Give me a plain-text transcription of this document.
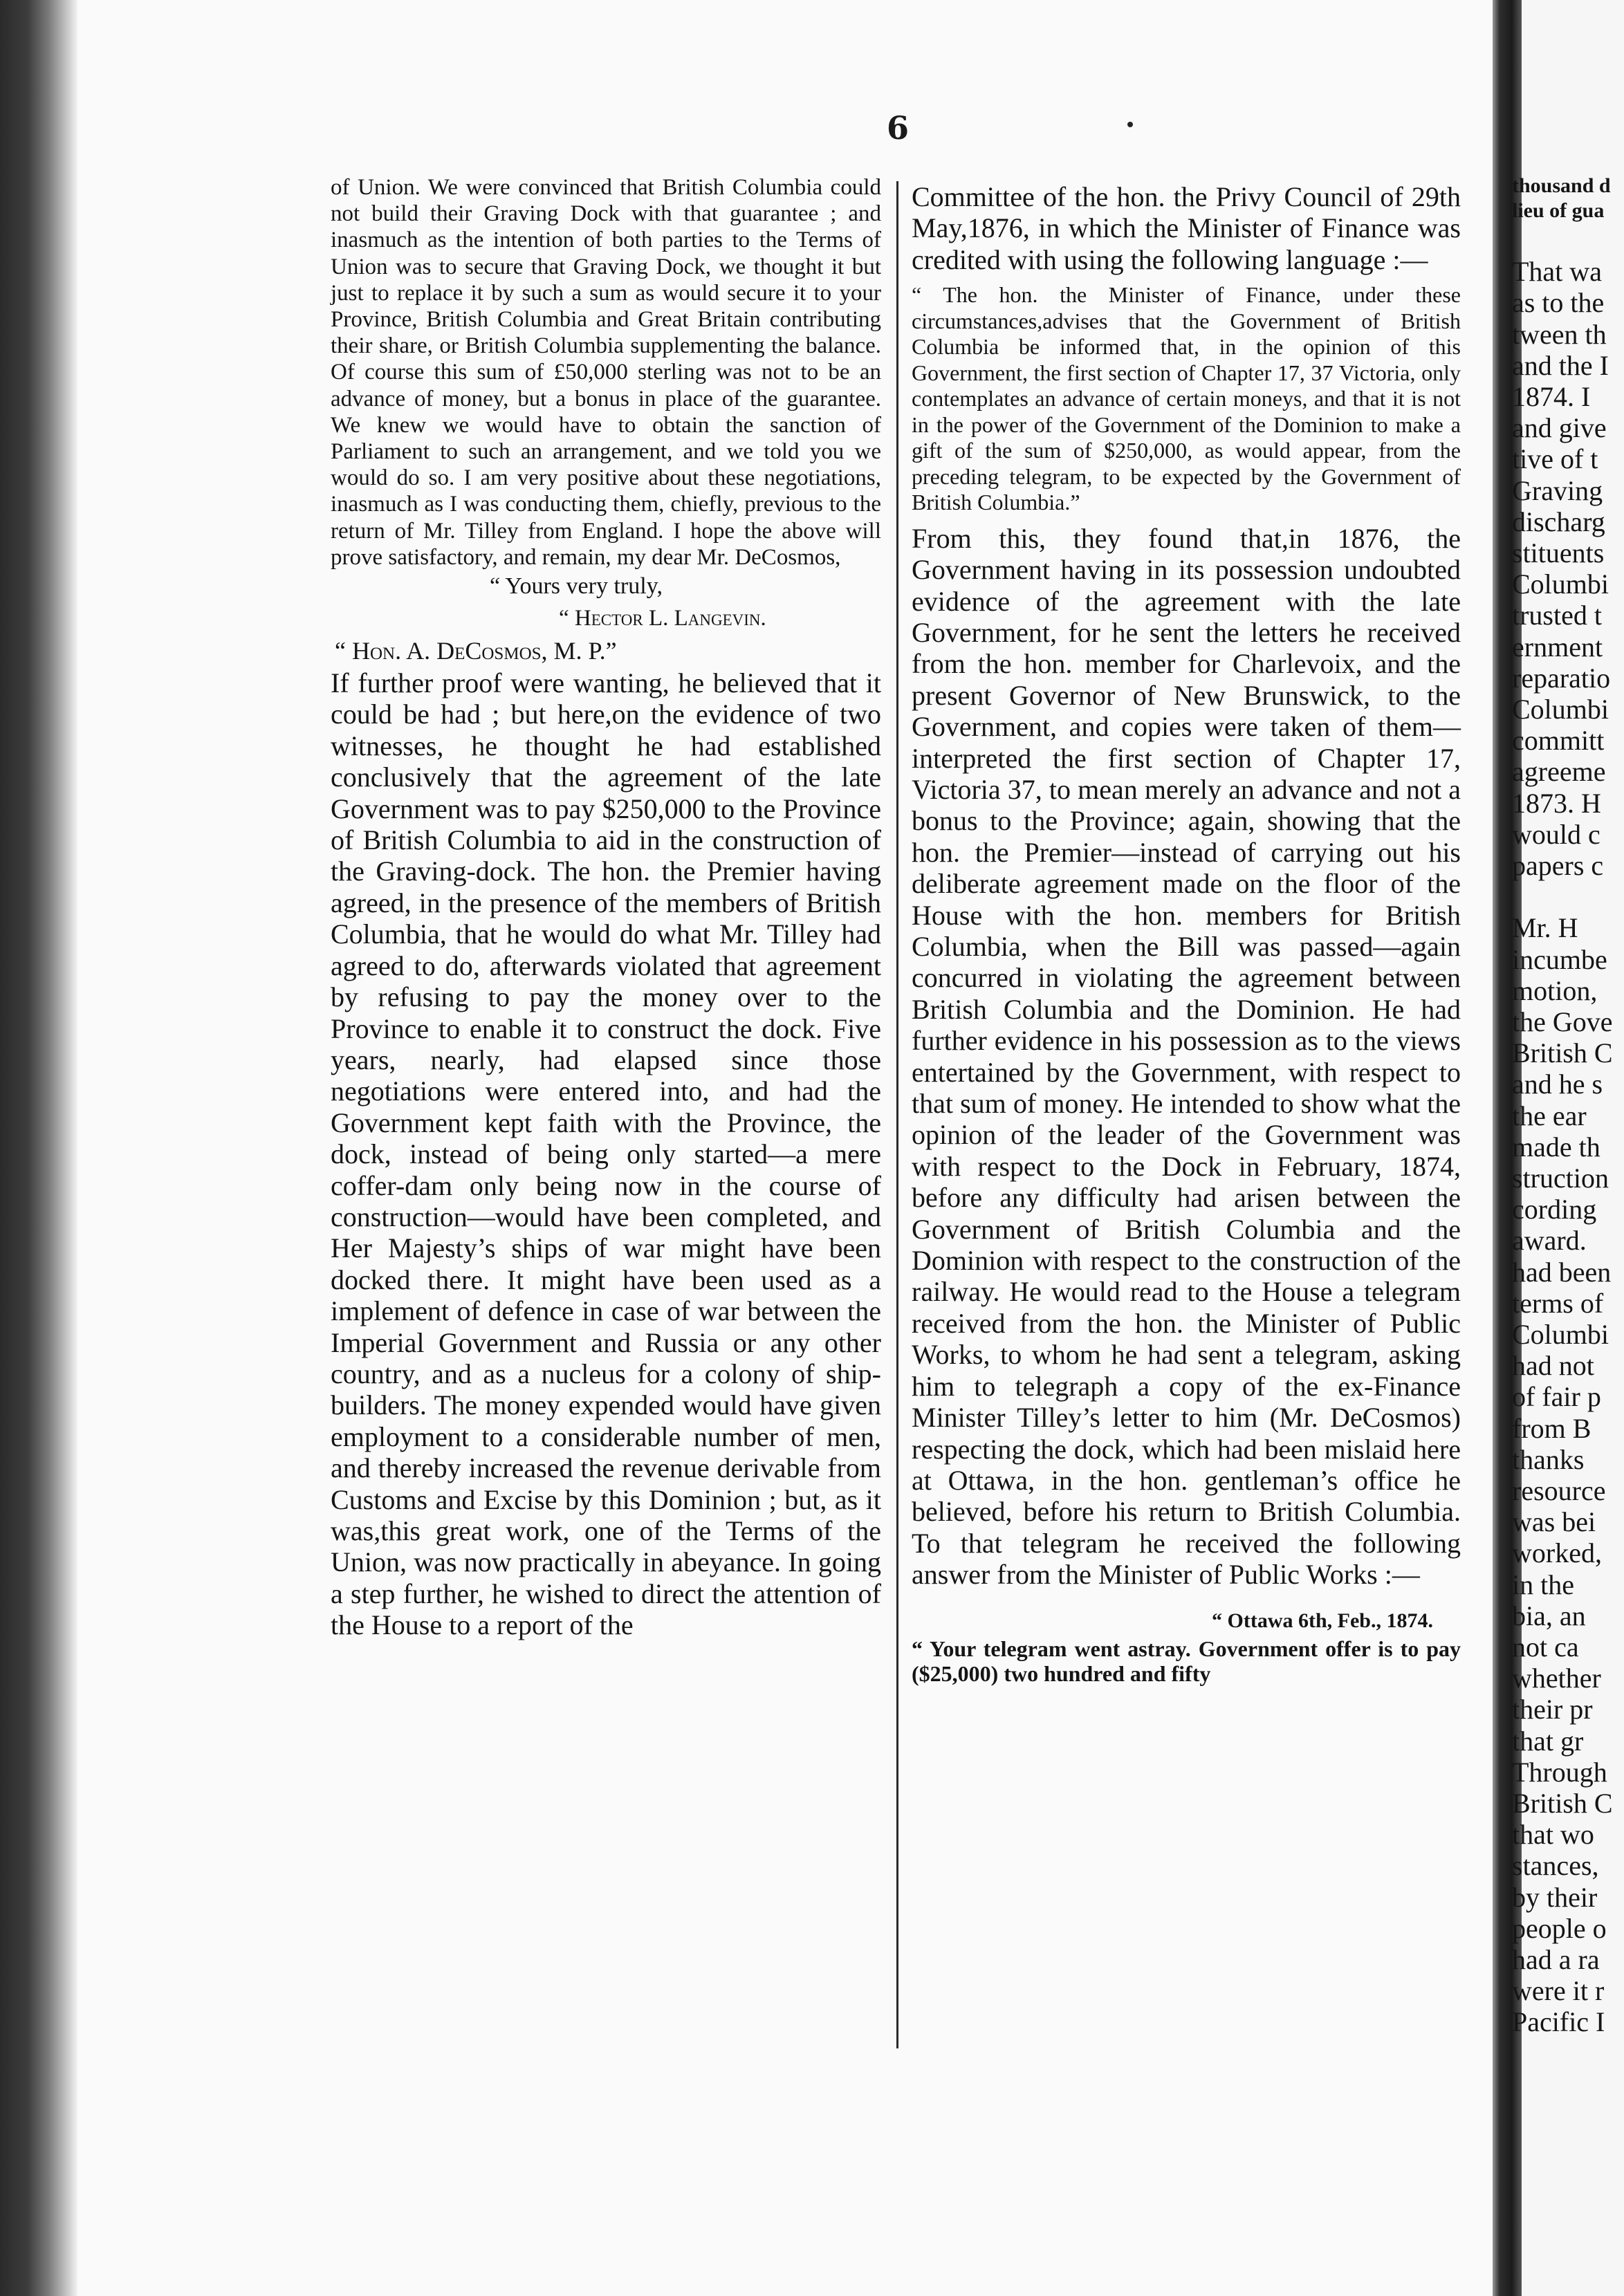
6

of Union. We were convinced that British Columbia could not build their Graving Dock with that guarantee ; and inasmuch as the intention of both parties to the Terms of Union was to secure that Graving Dock, we thought it but just to replace it by such a sum as would secure it to your Province, British Columbia and Great Britain contributing their share, or British Columbia supplementing the balance. Of course this sum of £50,000 sterling was not to be an advance of money, but a bonus in place of the guarantee. We knew we would have to obtain the sanction of Parliament to such an arrangement, and we told you we would do so. I am very positive about these negotiations, inasmuch as I was conducting them, chiefly, previous to the return of Mr. Tilley from England. I hope the above will prove satisfactory, and remain, my dear Mr. DeCosmos,

“ Yours very truly,

“ Hector L. Langevin.

“ Hon. A. DeCosmos, M. P.”

If further proof were wanting, he believed that it could be had ; but here,on the evidence of two witnesses, he thought he had established conclusively that the agreement of the late Government was to pay $250,000 to the Province of British Columbia to aid in the construction of the Graving-dock. The hon. the Premier having agreed, in the presence of the members of British Columbia, that he would do what Mr. Tilley had agreed to do, afterwards violated that agreement by refusing to pay the money over to the Province to enable it to construct the dock. Five years, nearly, had elapsed since those negotiations were entered into, and had the Government kept faith with the Province, the dock, instead of being only started—a mere coffer-dam only being now in the course of construction—would have been completed, and Her Majesty’s ships of war might have been docked there. It might have been used as a implement of defence in case of war between the Imperial Government and Russia or any other country, and as a nucleus for a colony of ship-builders. The money expended would have given employment to a considerable number of men, and thereby increased the revenue derivable from Customs and Excise by this Dominion ; but, as it was,this great work, one of the Terms of the Union, was now practically in abeyance. In going a step further, he wished to direct the attention of the House to a report of the

Committee of the hon. the Privy Council of 29th May,1876, in which the Minister of Finance was credited with using the following language :—

“ The hon. the Minister of Finance, under these circumstances,advises that the Government of British Columbia be informed that, in the opinion of this Government, the first section of Chapter 17, 37 Victoria, only contemplates an advance of certain moneys, and that it is not in the power of the Government of the Dominion to make a gift of the sum of $250,000, as would appear, from the preceding telegram, to be expected by the Government of British Columbia.”

From this, they found that,in 1876, the Government having in its possession undoubted evidence of the agreement with the late Government, for he sent the letters he received from the hon. member for Charlevoix, and the present Governor of New Brunswick, to the Government, and copies were taken of them—interpreted the first section of Chapter 17, Victoria 37, to mean merely an advance and not a bonus to the Province; again, showing that the hon. the Premier—instead of carrying out his deliberate agreement made on the floor of the House with the hon. members for British Columbia, when the Bill was passed—again concurred in violating the agreement between British Columbia and the Dominion. He had further evidence in his possession as to the views entertained by the Government, with respect to that sum of money. He intended to show what the opinion of the leader of the Government was with respect to the Dock in February, 1874, before any difficulty had arisen between the Government of British Columbia and the Dominion with respect to the construction of the railway. He would read to the House a telegram received from the hon. the Minister of Public Works, to whom he had sent a telegram, asking him to telegraph a copy of the ex-Finance Minister Tilley’s letter to him (Mr. DeCosmos) respecting the dock, which had been mislaid here at Ottawa, in the hon. gentleman’s office he believed, before his return to British Columbia. To that telegram he received the following answer from the Minister of Public Works :—

“ Ottawa 6th, Feb., 1874.

“ Your telegram went astray. Government offer is to pay ($25,000) two hundred and fifty

thousand d
lieu of gua
That wa
as to the
tween th
and the I
1874. I
and give
tive of t
Graving
discharg
stituents
Columbi
trusted t
ernment
reparatio
Columbi
committ
agreeme
1873. H
would c
papers c
Mr. H
incumbe
motion,
the Gove
British C
and he s
the ear
made th
struction
cording
award.
had been
terms of
Columbi
had not
of fair p
from B
thanks
resource
was bei
worked,
in the
bia, an
not ca
whether
their pr
that gr
Through
British C
that wo
stances,
by their
people o
had a ra
were it r
Pacific I
